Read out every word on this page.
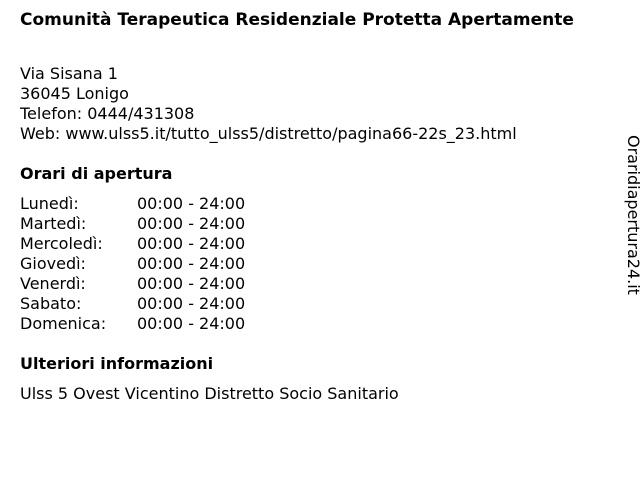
Comunità Terapeutica Residenziale Protetta Apertamente
Via Sisana 1
36045 Lonigo
Telefon: 0444/431308
Web: www.ulss5.it/tutto_ulss5/distretto/pagina66-22s_23.html
Orari di apertura
Lunedì:	00:00 - 24:00
Martedì:	00:00 - 24:00
Mercoledì:	00:00 - 24:00
Giovedì:	00:00 - 24:00
Venerdì:	00:00 - 24:00
Sabato:	00:00 - 24:00
Domenica:	00:00 - 24:00
Ulteriori informazioni
Ulss 5 Ovest Vicentino Distretto Socio Sanitario
Oraridiapertura24.it
